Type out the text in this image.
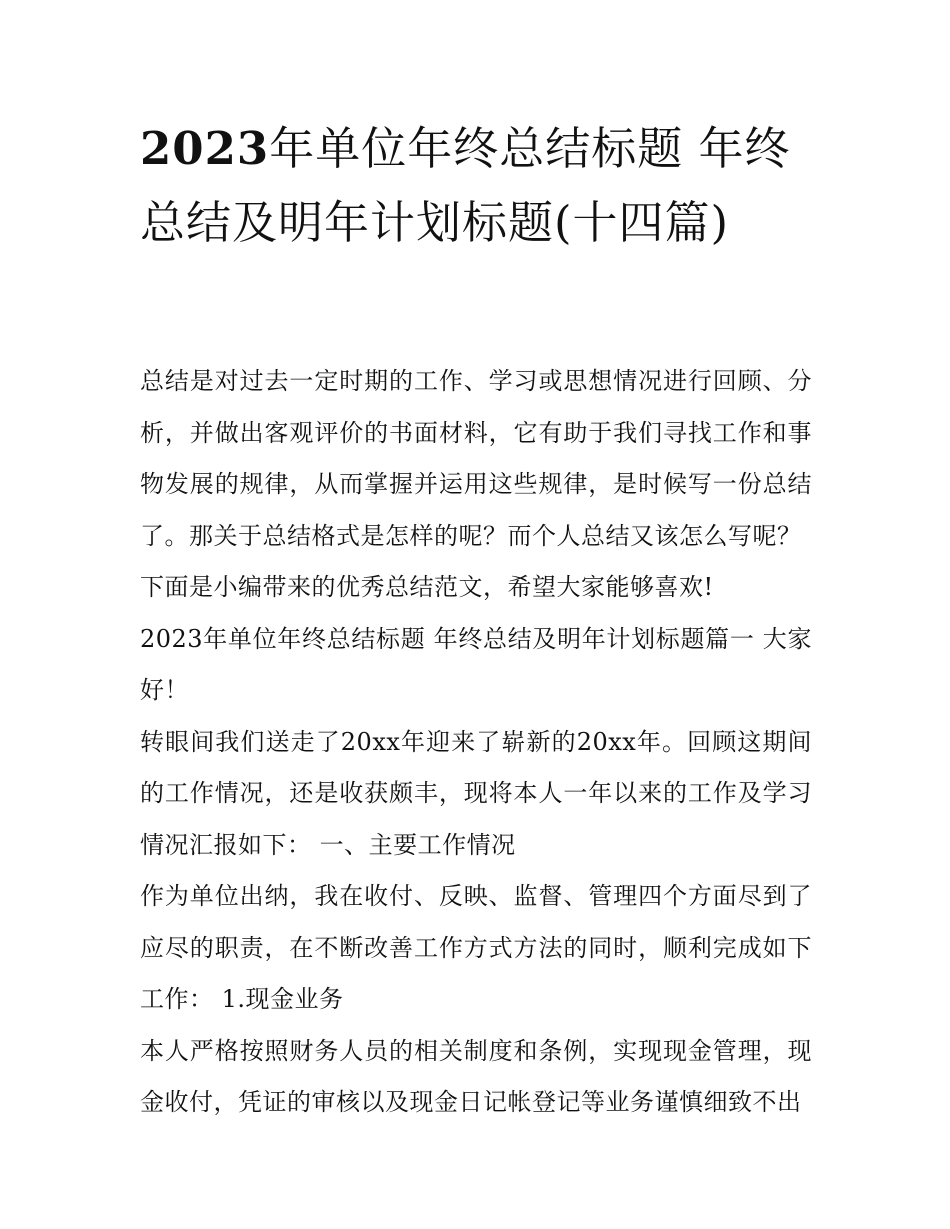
2023年单位年终总结标题 年终总结及明年计划标题(十四篇)

总结是对过去一定时期的工作、学习或思想情况进行回顾、分析，并做出客观评价的书面材料，它有助于我们寻找工作和事物发展的规律，从而掌握并运用这些规律，是时候写一份总结了。那关于总结格式是怎样的呢？而个人总结又该怎么写呢？

下面是小编带来的优秀总结范文，希望大家能够喜欢!

2023年单位年终总结标题 年终总结及明年计划标题篇一 大家好！

转眼间我们送走了20xx年迎来了崭新的20xx年。回顾这期间的工作情况，还是收获颇丰，现将本人一年以来的工作及学习情况汇报如下： 一、主要工作情况

作为单位出纳，我在收付、反映、监督、管理四个方面尽到了应尽的职责，在不断改善工作方式方法的同时，顺利完成如下工作： 1.现金业务

本人严格按照财务人员的相关制度和条例，实现现金管理，现金收付，凭证的审核以及现金日记帐登记等业务谨慎细致不出
